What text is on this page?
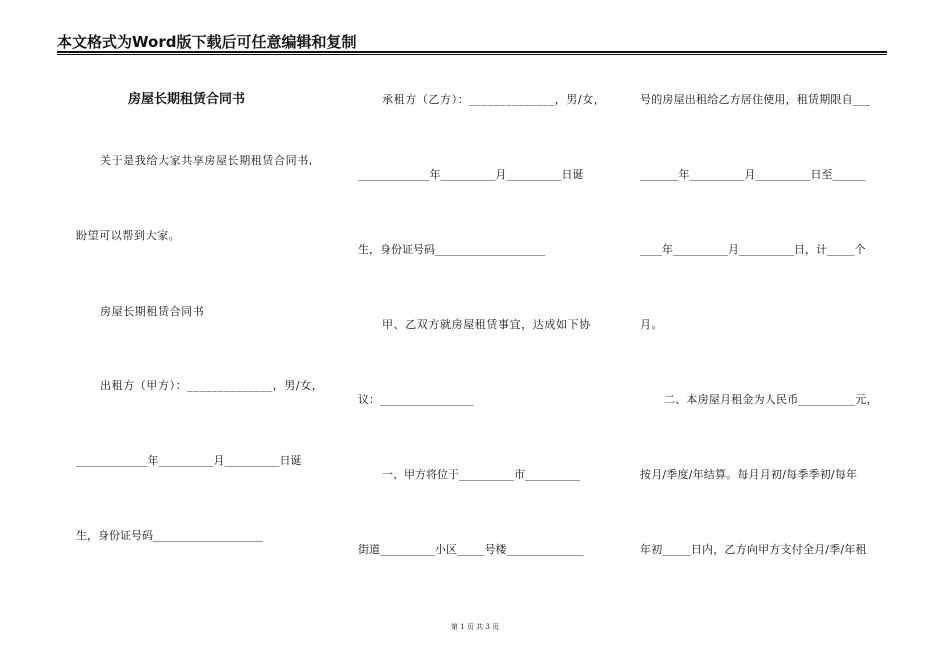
本文格式为Word版下载后可任意编辑和复制
房屋长期租赁合同书
关于是我给大家共享房屋长期租赁合同书,
盼望可以帮到大家。
房屋长期租赁合同书
出租方（甲方）：______________，男/女，
_____________年__________月__________日诞
生，身份证号码____________________
承租方（乙方）：______________，男/女，
_____________年__________月__________日诞
生，身份证号码____________________
甲、乙双方就房屋租赁事宜，达成如下协
议：_________________
一、甲方将位于__________市__________
街道__________小区_____号楼______________
号的房屋出租给乙方居住使用，租赁期限自___
_______年__________月__________日至______
____年__________月__________日，计_____个
月。
二、本房屋月租金为人民币__________元，
按月/季度/年结算。每月月初/每季季初/每年
年初_____日内，乙方向甲方支付全月/季/年租
第 1 页 共 3 页
